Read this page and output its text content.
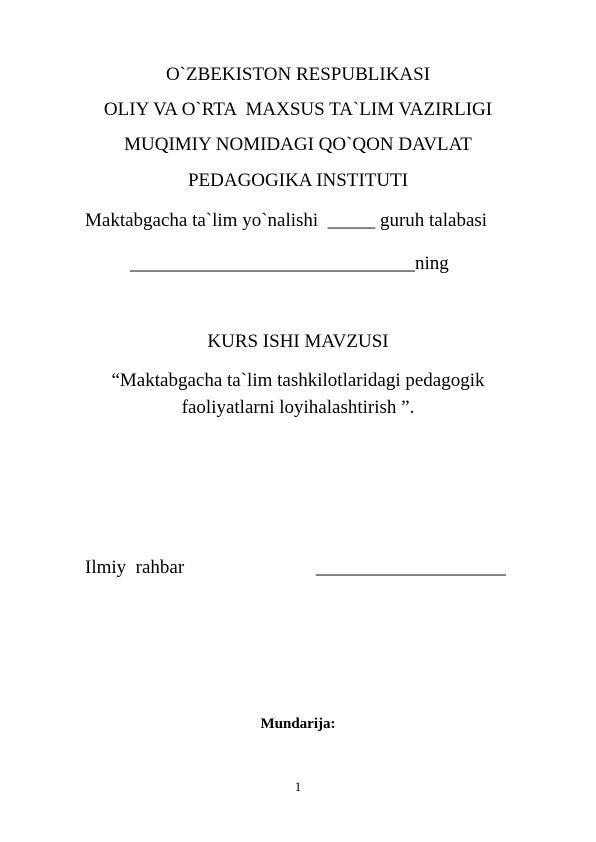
O`ZBEKISTON RESPUBLIKASI
OLIY VA O`RTA  MAXSUS TA`LIM VAZIRLIGI
MUQIMIY NOMIDAGI QO`QON DAVLAT
PEDAGOGIKA INSTITUTI
Maktabgacha ta`lim yo`nalishi  _____ guruh talabasi
______________________________ning
KURS ISHI MAVZUSI
“Maktabgacha ta`lim tashkilotlaridagi pedagogik
faoliyatlarni loyihalashtirish ”.
Ilmiy  rahbar	____________________
Mundarija:
1
